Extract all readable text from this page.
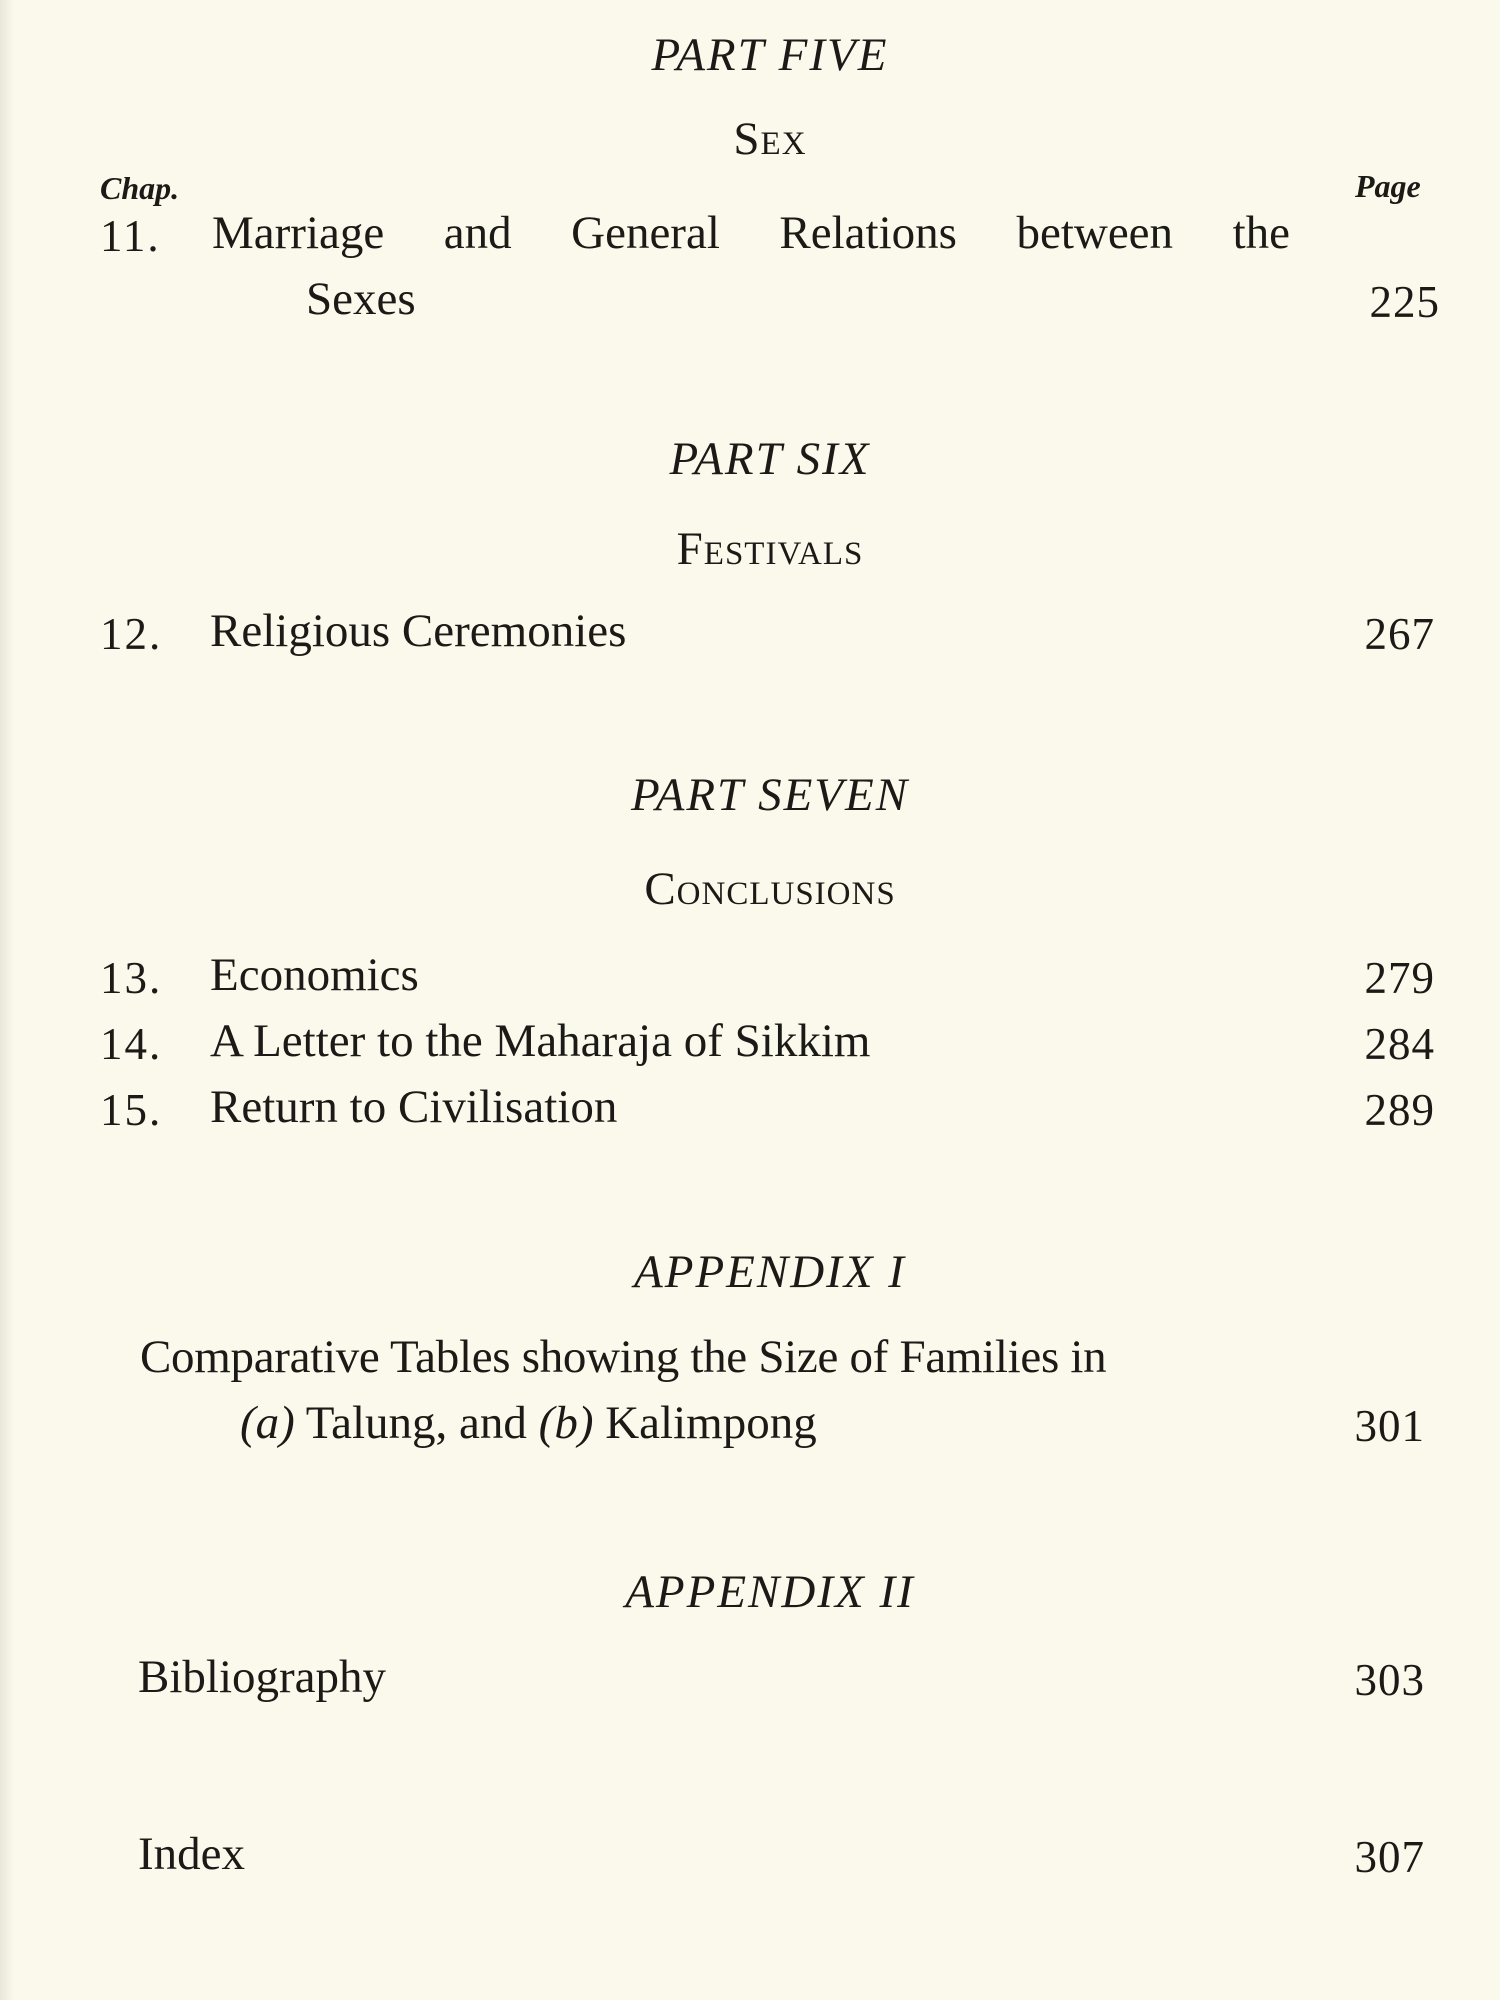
PART FIVE
Sex
Chap.	Page
11. Marriage and General Relations between the
Sexes	225
PART SIX
Festivals
12. Religious Ceremonies	267
PART SEVEN
Conclusions
13. Economics	279
14. A Letter to the Maharaja of Sikkim	284
15. Return to Civilisation	289
APPENDIX I
Comparative Tables showing the Size of Families in
(a) Talung, and (b) Kalimpong	301
APPENDIX II
Bibliography	303
Index	307
